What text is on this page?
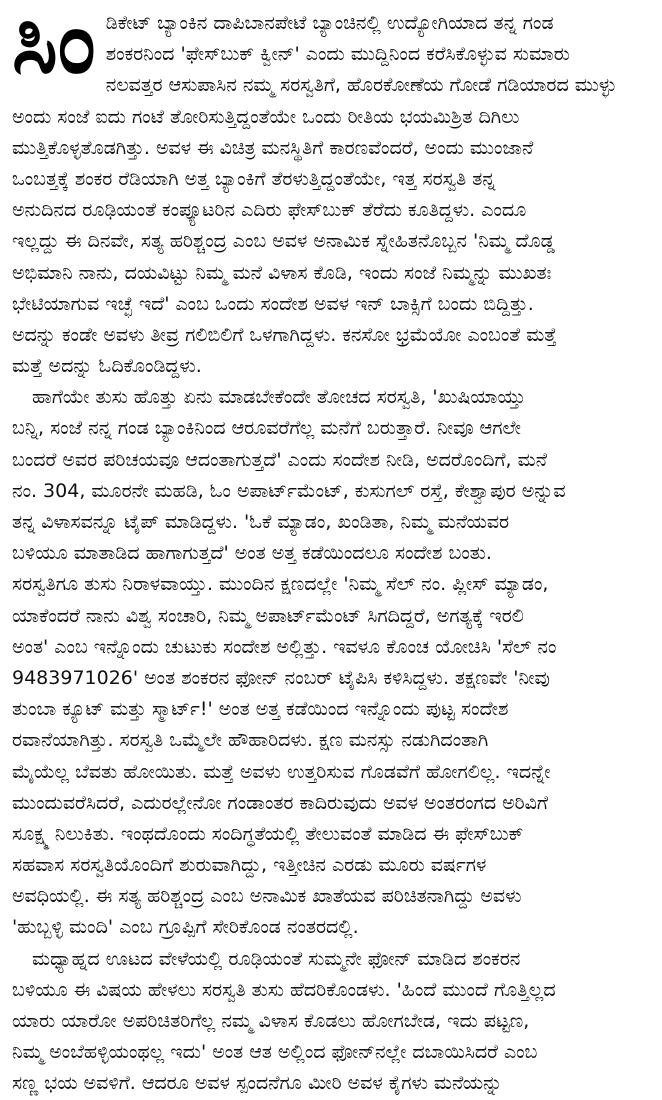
ಸಿಂ ಡಿಕೇಟ್ ಬ್ಯಾಂಕಿನ ದಾಪಿಬಾನಪೇಟೆ ಬ್ಯಾಂಚಿನಲ್ಲಿ ಉದ್ಯೋಗಿಯಾದ ತನ್ನ ಗಂಡ
ಶಂಕರನಿಂದ 'ಫೇಸ್‌ಬುಕ್ ಕ್ವೀನ್' ಎಂದು ಮುದ್ದಿನಿಂದ ಕರೆಸಿಕೊಳ್ಳುವ ಸುಮಾರು
ನಲವತ್ತರ ಆಸುಪಾಸಿನ ನಮ್ಮ ಸರಸ್ವತಿಗೆ, ಹೊರಕೋಣೆಯ ಗೋಡೆ ಗಡಿಯಾರದ ಮುಳ್ಳು
ಅಂದು ಸಂಜೆ ಐದು ಗಂಟೆ ತೋರಿಸುತ್ತಿದ್ದಂತೆಯೇ ಒಂದು ರೀತಿಯ ಭಯಮಿಶ್ರಿತ ದಿಗಿಲು
ಮುತ್ತಿಕೊಳ್ಳತೊಡಗಿತ್ತು. ಅವಳ ಈ ವಿಚಿತ್ರ ಮನಸ್ಥಿತಿಗೆ ಕಾರಣವೆಂದರೆ, ಅಂದು ಮುಂಜಾನೆ
ಒಂಬತ್ತಕ್ಕೆ ಶಂಕರ ರೆಡಿಯಾಗಿ ಅತ್ತ ಬ್ಯಾಂಕಿಗೆ ತೆರಳುತ್ತಿದ್ದಂತೆಯೇ, ಇತ್ತ ಸರಸ್ವತಿ ತನ್ನ
ಅನುದಿನದ ರೂಢಿಯಂತೆ ಕಂಪ್ಯೂಟರಿನ ಎದಿರು ಫೇಸ್‌ಬುಕ್ ತೆರೆದು ಕೂತಿದ್ದಳು. ಎಂದೂ
ಇಲ್ಲದ್ದು ಈ ದಿನವೇ, ಸತ್ಯ ಹರಿಶ್ಚಂದ್ರ ಎಂಬ ಅವಳ ಅನಾಮಿಕ ಸ್ನೇಹಿತನೊಬ್ಬನ 'ನಿಮ್ಮ ದೊಡ್ಡ
ಅಭಿಮಾನಿ ನಾನು, ದಯವಿಟ್ಟು ನಿಮ್ಮ ಮನೆ ವಿಳಾಸ ಕೊಡಿ, ಇಂದು ಸಂಜೆ ನಿಮ್ಮನ್ನು ಮುಖತಃ
ಭೇಟಿಯಾಗುವ ಇಚ್ಛೆ ಇದೆ' ಎಂಬ ಒಂದು ಸಂದೇಶ ಅವಳ ಇನ್ ಬಾಕ್ಸಿಗೆ ಬಂದು ಬಿದ್ದಿತ್ತು.
ಅದನ್ನು ಕಂಡೇ ಅವಳು ತೀವ್ರ ಗಲಿಬಿಲಿಗೆ ಒಳಗಾಗಿದ್ದಳು. ಕನಸೋ ಭ್ರಮೆಯೋ ಎಂಬಂತೆ ಮತ್ತೆ
ಮತ್ತೆ ಅದನ್ನು ಓದಿಕೊಂಡಿದ್ದಳು.
ಹಾಗೆಯೇ ತುಸು ಹೊತ್ತು ಏನು ಮಾಡಬೇಕೆಂದೇ ತೋಚದ ಸರಸ್ವತಿ, 'ಖುಷಿಯಾಯ್ತು
ಬನ್ನಿ, ಸಂಜೆ ನನ್ನ ಗಂಡ ಬ್ಯಾಂಕಿನಿಂದ ಆರೂವರೆಗೆಲ್ಲ ಮನೆಗೆ ಬರುತ್ತಾರೆ. ನೀವೂ ಆಗಲೇ
ಬಂದರೆ ಅವರ ಪರಿಚಯವೂ ಆದಂತಾಗುತ್ತದೆ' ಎಂದು ಸಂದೇಶ ನೀಡಿ, ಅದರೊಂದಿಗೆ, ಮನೆ
ನಂ. 304, ಮೂರನೇ ಮಹಡಿ, ಓಂ ಅಪಾರ್ಟ್‌ಮೆಂಟ್, ಕುಸುಗಲ್ ರಸ್ತೆ, ಕೇಶ್ವಾಪುರ ಅನ್ನುವ
ತನ್ನ ವಿಳಾಸವನ್ನೂ ಟೈಪ್ ಮಾಡಿದ್ದಳು. 'ಓಕೆ ಮ್ಯಾಡಂ, ಖಂಡಿತಾ, ನಿಮ್ಮ ಮನೆಯವರ
ಬಳಿಯೂ ಮಾತಾಡಿದ ಹಾಗಾಗುತ್ತದೆ' ಅಂತ ಅತ್ತ ಕಡೆಯಿಂದಲೂ ಸಂದೇಶ ಬಂತು.
ಸರಸ್ವತಿಗೂ ತುಸು ನಿರಾಳವಾಯ್ತು. ಮುಂದಿನ ಕ್ಷಣದಲ್ಲೇ 'ನಿಮ್ಮ ಸೆಲ್ ನಂ. ಪ್ಲೀಸ್ ಮ್ಯಾಡಂ,
ಯಾಕೆಂದರೆ ನಾನು ವಿಶ್ವ ಸಂಚಾರಿ, ನಿಮ್ಮ ಅಪಾರ್ಟ್‌ಮೆಂಟ್ ಸಿಗದಿದ್ದರೆ, ಅಗತ್ಯಕ್ಕೆ ಇರಲಿ
ಅಂತ' ಎಂಬ ಇನ್ನೊಂದು ಚುಟುಕು ಸಂದೇಶ ಅಲ್ಲಿತ್ತು. ಇವಳೂ ಕೊಂಚ ಯೋಚಿಸಿ 'ಸೆಲ್ ನಂ
9483971026' ಅಂತ ಶಂಕರನ ಫೋನ್ ನಂಬರ್ ಟೈಪಿಸಿ ಕಳಿಸಿದ್ದಳು. ತಕ್ಷಣವೇ 'ನೀವು
ತುಂಬಾ ಕ್ಯೂಟ್ ಮತ್ತು ಸ್ಮಾರ್ಟ್!' ಅಂತ ಅತ್ತ ಕಡೆಯಿಂದ ಇನ್ನೊಂದು ಪುಟ್ಟ ಸಂದೇಶ
ರವಾನೆಯಾಗಿತ್ತು. ಸರಸ್ವತಿ ಒಮ್ಮೆಲೇ ಹೌಹಾರಿದಳು. ಕ್ಷಣ ಮನಸ್ಸು ನಡುಗಿದಂತಾಗಿ
ಮೈಯೆಲ್ಲ ಬೆವತು ಹೋಯಿತು. ಮತ್ತೆ ಅವಳು ಉತ್ತರಿಸುವ ಗೊಡವೆಗೆ ಹೋಗಲಿಲ್ಲ. ಇದನ್ನೇ
ಮುಂದುವರೆಸಿದರೆ, ಎದುರಲ್ಲೇನೋ ಗಂಡಾಂತರ ಕಾದಿರುವುದು ಅವಳ ಅಂತರಂಗದ ಅರಿವಿಗೆ
ಸೂಕ್ಷ್ಮ ನಿಲುಕಿತು. ಇಂಥದೊಂದು ಸಂದಿಗ್ಧತೆಯಲ್ಲಿ ತೇಲುವಂತೆ ಮಾಡಿದ ಈ ಫೇಸ್‌ಬುಕ್
ಸಹವಾಸ ಸರಸ್ವತಿಯೊಂದಿಗೆ ಶುರುವಾಗಿದ್ದು, ಇತ್ತೀಚಿನ ಎರಡು ಮೂರು ವರ್ಷಗಳ
ಅವಧಿಯಲ್ಲಿ. ಈ ಸತ್ಯ ಹರಿಶ್ಚಂದ್ರ ಎಂಬ ಅನಾಮಿಕ ಖಾತೆಯವ ಪರಿಚಿತನಾಗಿದ್ದು ಅವಳು
'ಹುಬ್ಬಳ್ಳಿ ಮಂದಿ' ಎಂಬ ಗ್ರೂಪ್ಪಿಗೆ ಸೇರಿಕೊಂಡ ನಂತರದಲ್ಲಿ.
ಮಧ್ಯಾಹ್ನದ ಊಟದ ವೇಳೆಯಲ್ಲಿ ರೂಢಿಯಂತೆ ಸುಮ್ಮನೇ ಫೋನ್ ಮಾಡಿದ ಶಂಕರನ
ಬಳಿಯೂ ಈ ವಿಷಯ ಹೇಳಲು ಸರಸ್ವತಿ ತುಸು ಹೆದರಿಕೊಂಡಳು. 'ಹಿಂದೆ ಮುಂದೆ ಗೊತ್ತಿಲ್ಲದ
ಯಾರು ಯಾರೋ ಅಪರಿಚಿತರಿಗೆಲ್ಲ ನಮ್ಮ ವಿಳಾಸ ಕೊಡಲು ಹೋಗಬೇಡ, ಇದು ಪಟ್ಟಣ,
ನಿಮ್ಮ ಅಂಬೆಹಳ್ಳಿಯಂಥಲ್ಲ ಇದು' ಅಂತ ಆತ ಅಲ್ಲಿಂದ ಫೋನ್‌ನಲ್ಲೇ ದಬಾಯಿಸಿದರೆ ಎಂಬ
ಸಣ್ಣ ಭಯ ಅವಳಿಗೆ. ಆದರೂ ಅವಳ ಸ್ಪಂದನೆಗೂ ಮೀರಿ ಅವಳ ಕೈಗಳು ಮನೆಯನ್ನು
